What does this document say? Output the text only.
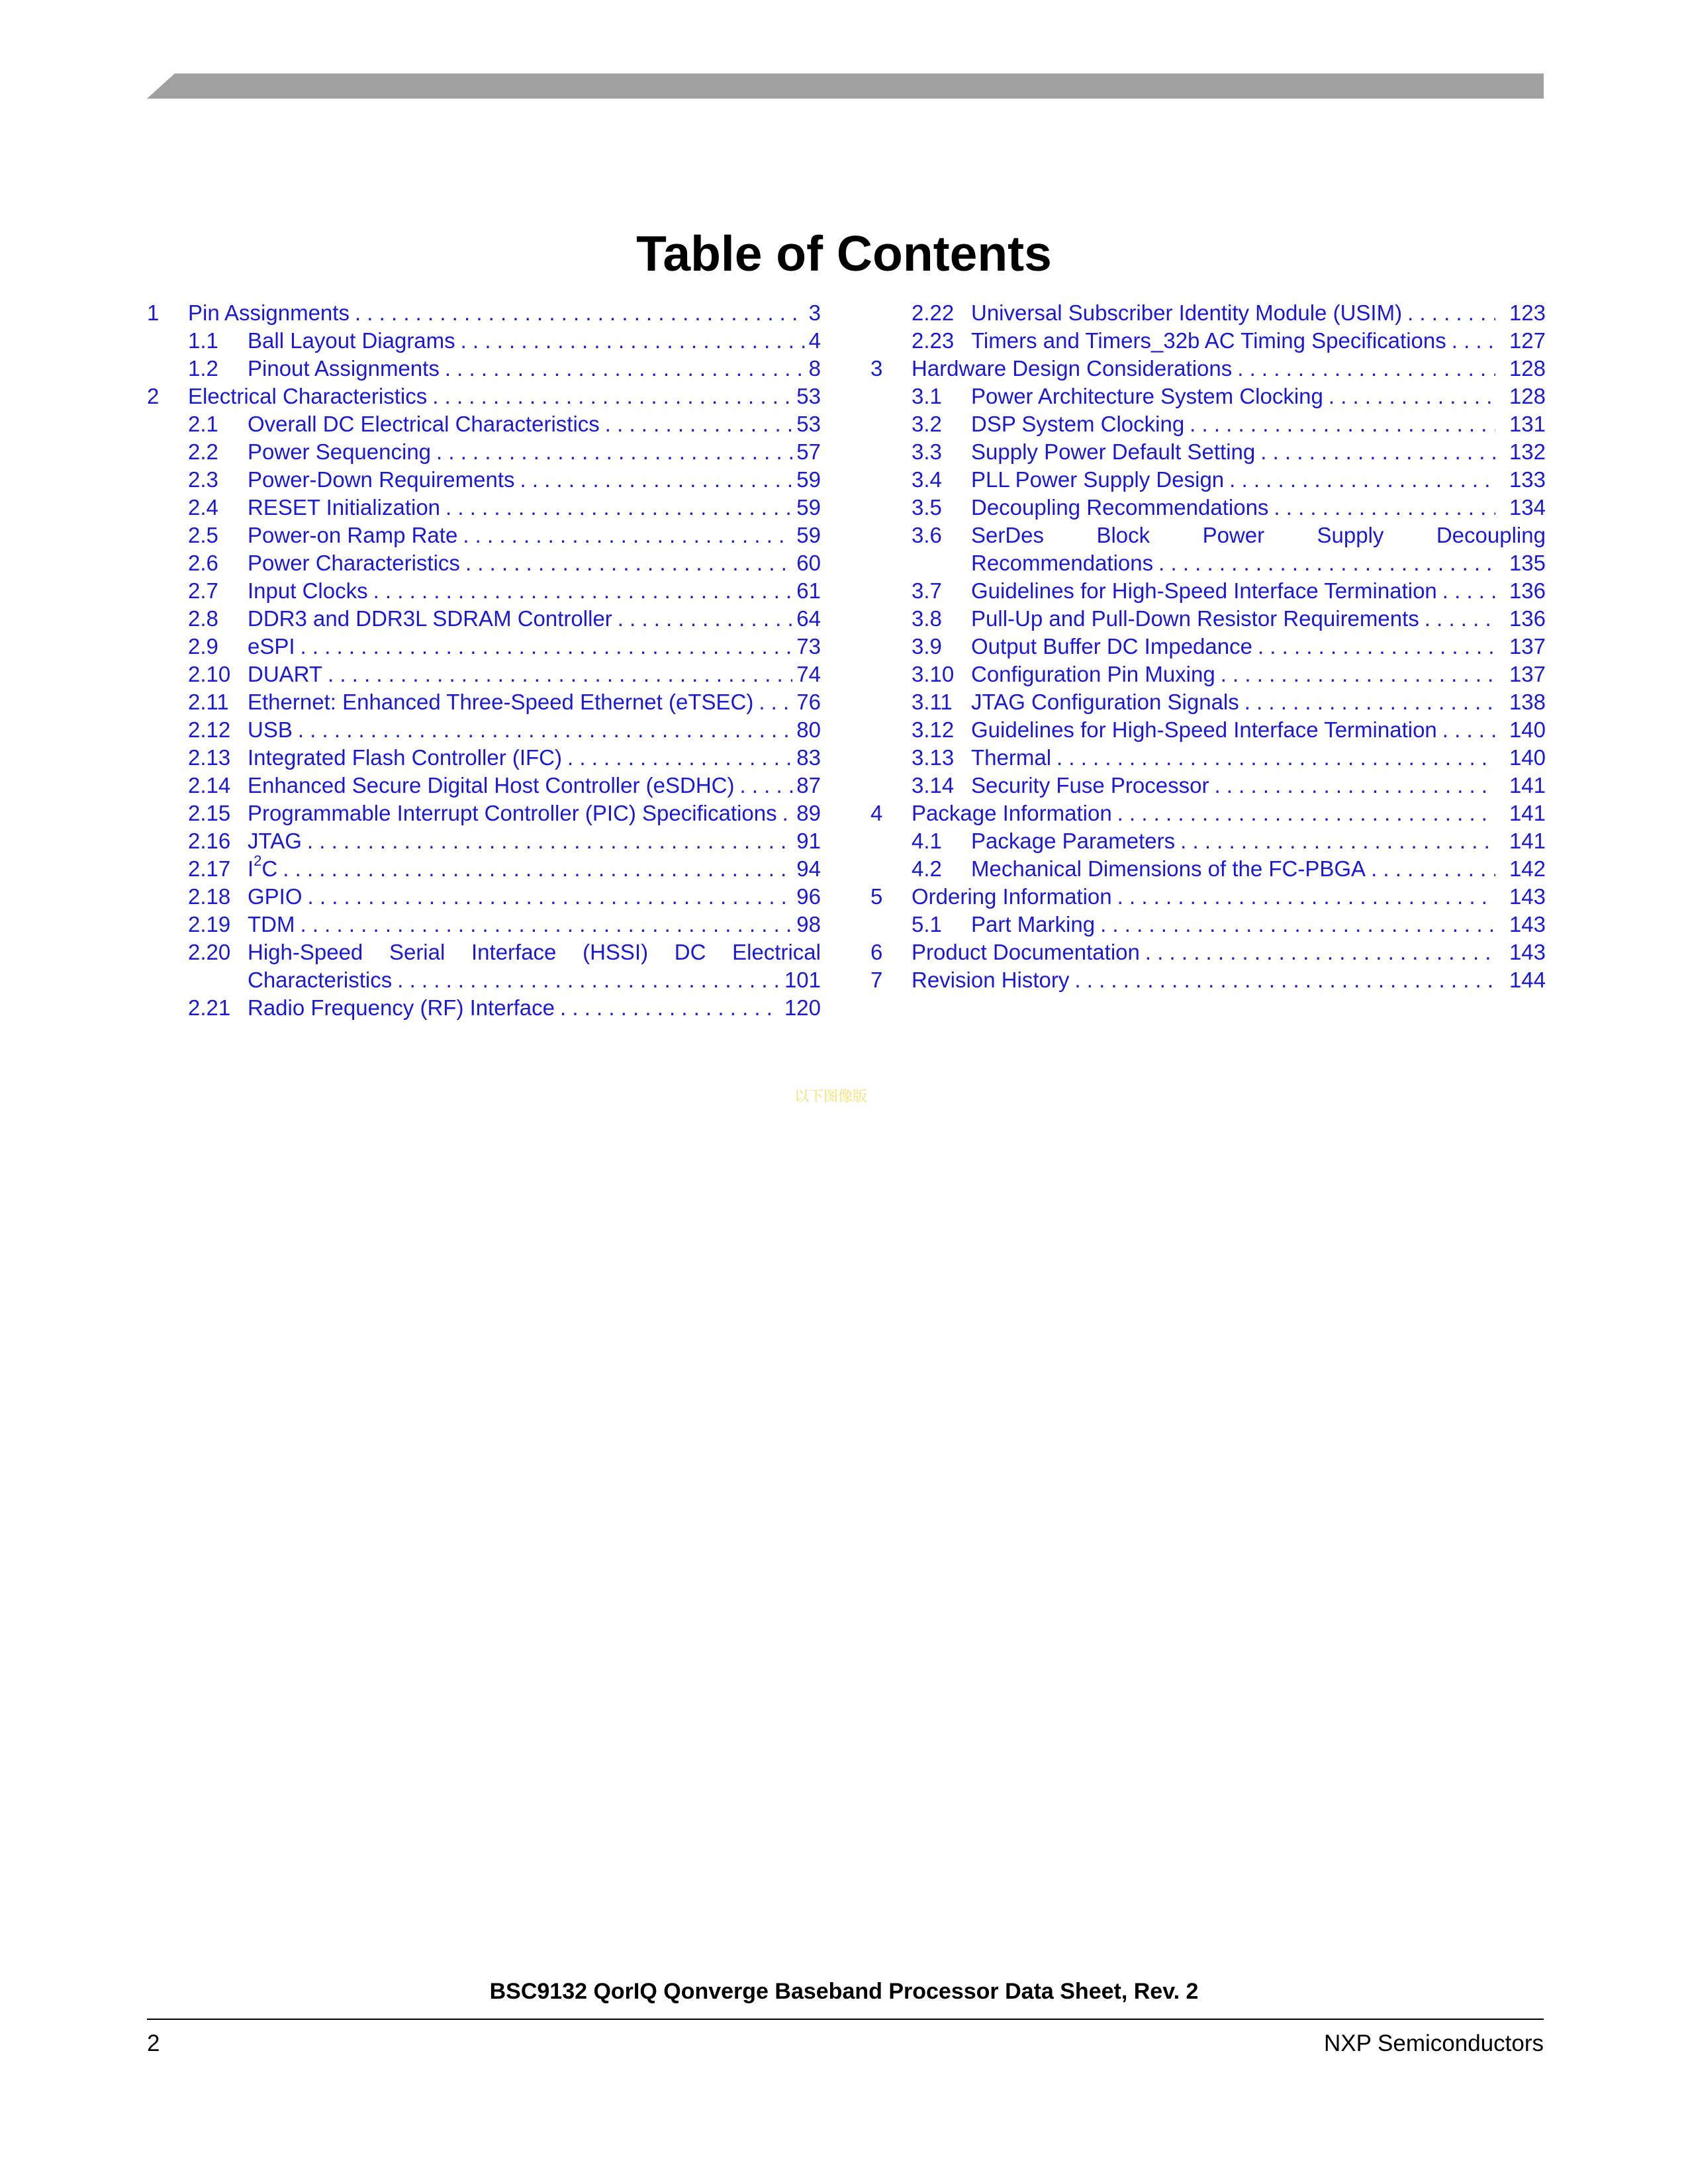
Table of Contents
1 Pin Assignments . . .	3
1.1 Ball Layout Diagrams . . .	4
1.2 Pinout Assignments . . .	8
2 Electrical Characteristics . . .	53
2.1 Overall DC Electrical Characteristics . . .	53
2.2 Power Sequencing . . .	57
2.3 Power-Down Requirements . . .	59
2.4 RESET Initialization . . .	59
2.5 Power-on Ramp Rate . . .	59
2.6 Power Characteristics . . .	60
2.7 Input Clocks . . .	61
2.8 DDR3 and DDR3L SDRAM Controller . . .	64
2.9 eSPI . . .	73
2.10 DUART . . .	74
2.11 Ethernet: Enhanced Three-Speed Ethernet (eTSEC) . . . 76
2.12 USB . . .	80
2.13 Integrated Flash Controller (IFC) . . .	83
2.14 Enhanced Secure Digital Host Controller (eSDHC) . . .	87
2.15 Programmable Interrupt Controller (PIC) Specifications . . . 89
2.16 JTAG . . .	91
2.17 $I^2C$ . . .	94
2.18 GPIO . . .	96
2.19 TDM . . .	98
2.20 High-Speed Serial Interface (HSSI) DC Electrical
Characteristics . . .	101
2.21 Radio Frequency (RF) Interface . . .	120
2.22 Universal Subscriber Identity Module (USIM) . . .	123
2.23 Timers and Timers_32b AC Timing Specifications . . .	127
3 Hardware Design Considerations . . .	128
3.1 Power Architecture System Clocking . . .	128
3.2 DSP System Clocking . . .	131
3.3 Supply Power Default Setting . . .	132
3.4 PLL Power Supply Design . . .	133
3.5 Decoupling Recommendations . . .	134
3.6 SerDes Block Power Supply Decoupling
Recommendations . . .	135
3.7 Guidelines for High-Speed Interface Termination . . .	136
3.8 Pull-Up and Pull-Down Resistor Requirements . . .	136
3.9 Output Buffer DC Impedance . . .	137
3.10 Configuration Pin Muxing . . .	137
3.11 JTAG Configuration Signals . . .	138
3.12 Guidelines for High-Speed Interface Termination . . .	140
3.13 Thermal . . .	140
3.14 Security Fuse Processor . . .	141
4 Package Information . . .	141
4.1 Package Parameters . . .	141
4.2 Mechanical Dimensions of the FC-PBGA . . .	142
5 Ordering Information . . .	143
5.1 Part Marking . . .	143
6 Product Documentation . . .	143
7 Revision History . . .	144
以下图像版
BSC9132 QorIQ Qonverge Baseband Processor Data Sheet, Rev. 2
2	NXP Semiconductors
